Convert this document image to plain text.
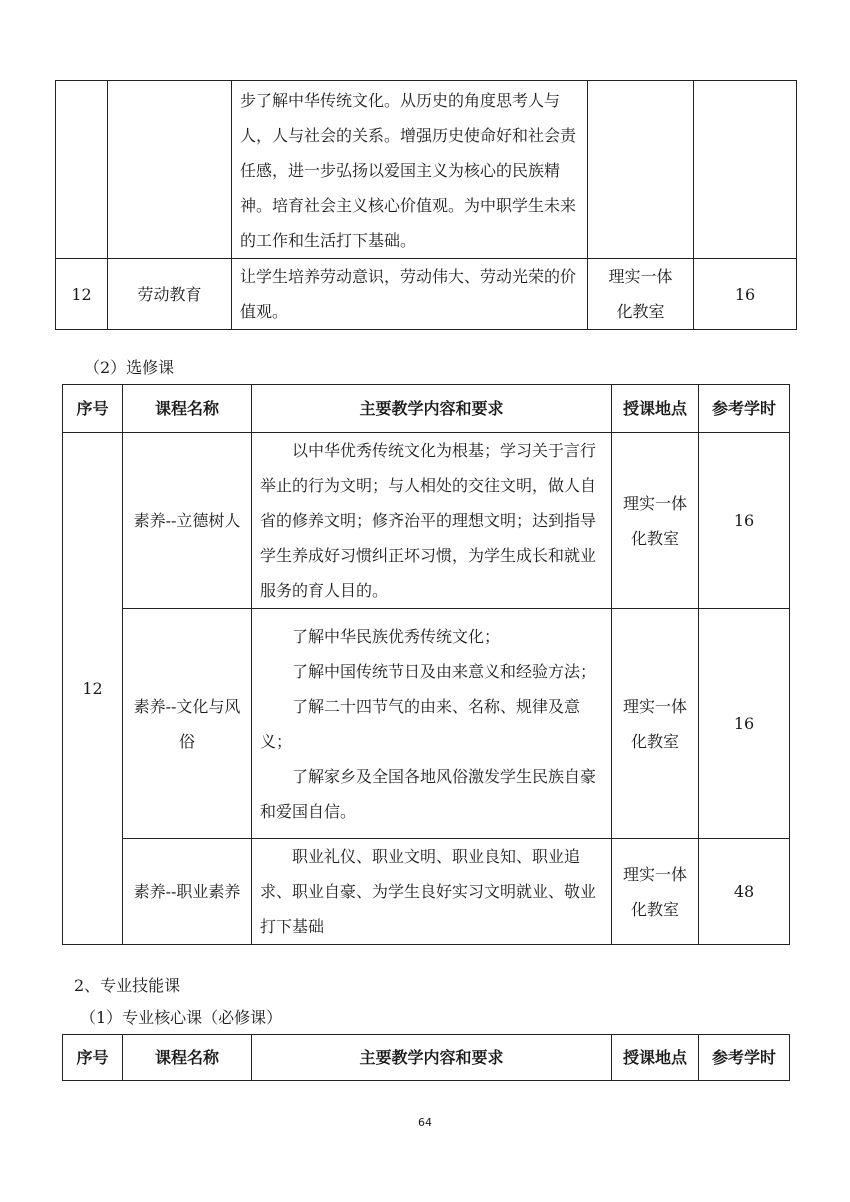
		步了解中华传统文化。从历史的角度思考人与人，人与社会的关系。增强历史使命好和社会责任感，进一步弘扬以爱国主义为核心的民族精神。培育社会主义核心价值观。为中职学生未来的工作和生活打下基础。		
12	劳动教育	让学生培养劳动意识，劳动伟大、劳动光荣的价值观。	理实一体化教室	16
（2）选修课
序号	课程名称	主要教学内容和要求	授课地点	参考学时
12	素养--立德树人	以中华优秀传统文化为根基；学习关于言行举止的行为文明；与人相处的交往文明，做人自省的修养文明；修齐治平的理想文明；达到指导学生养成好习惯纠正坏习惯，为学生成长和就业服务的育人目的。	理实一体化教室	16
	素养--文化与风俗	了解中华民族优秀传统文化；
了解中国传统节日及由来意义和经验方法；
了解二十四节气的由来、名称、规律及意义；
了解家乡及全国各地风俗激发学生民族自豪和爱国自信。	理实一体化教室	16
	素养--职业素养	职业礼仪、职业文明、职业良知、职业追求、职业自豪、为学生良好实习文明就业、敬业打下基础	理实一体化教室	48
2、专业技能课
（1）专业核心课（必修课）
序号	课程名称	主要教学内容和要求	授课地点	参考学时
64
